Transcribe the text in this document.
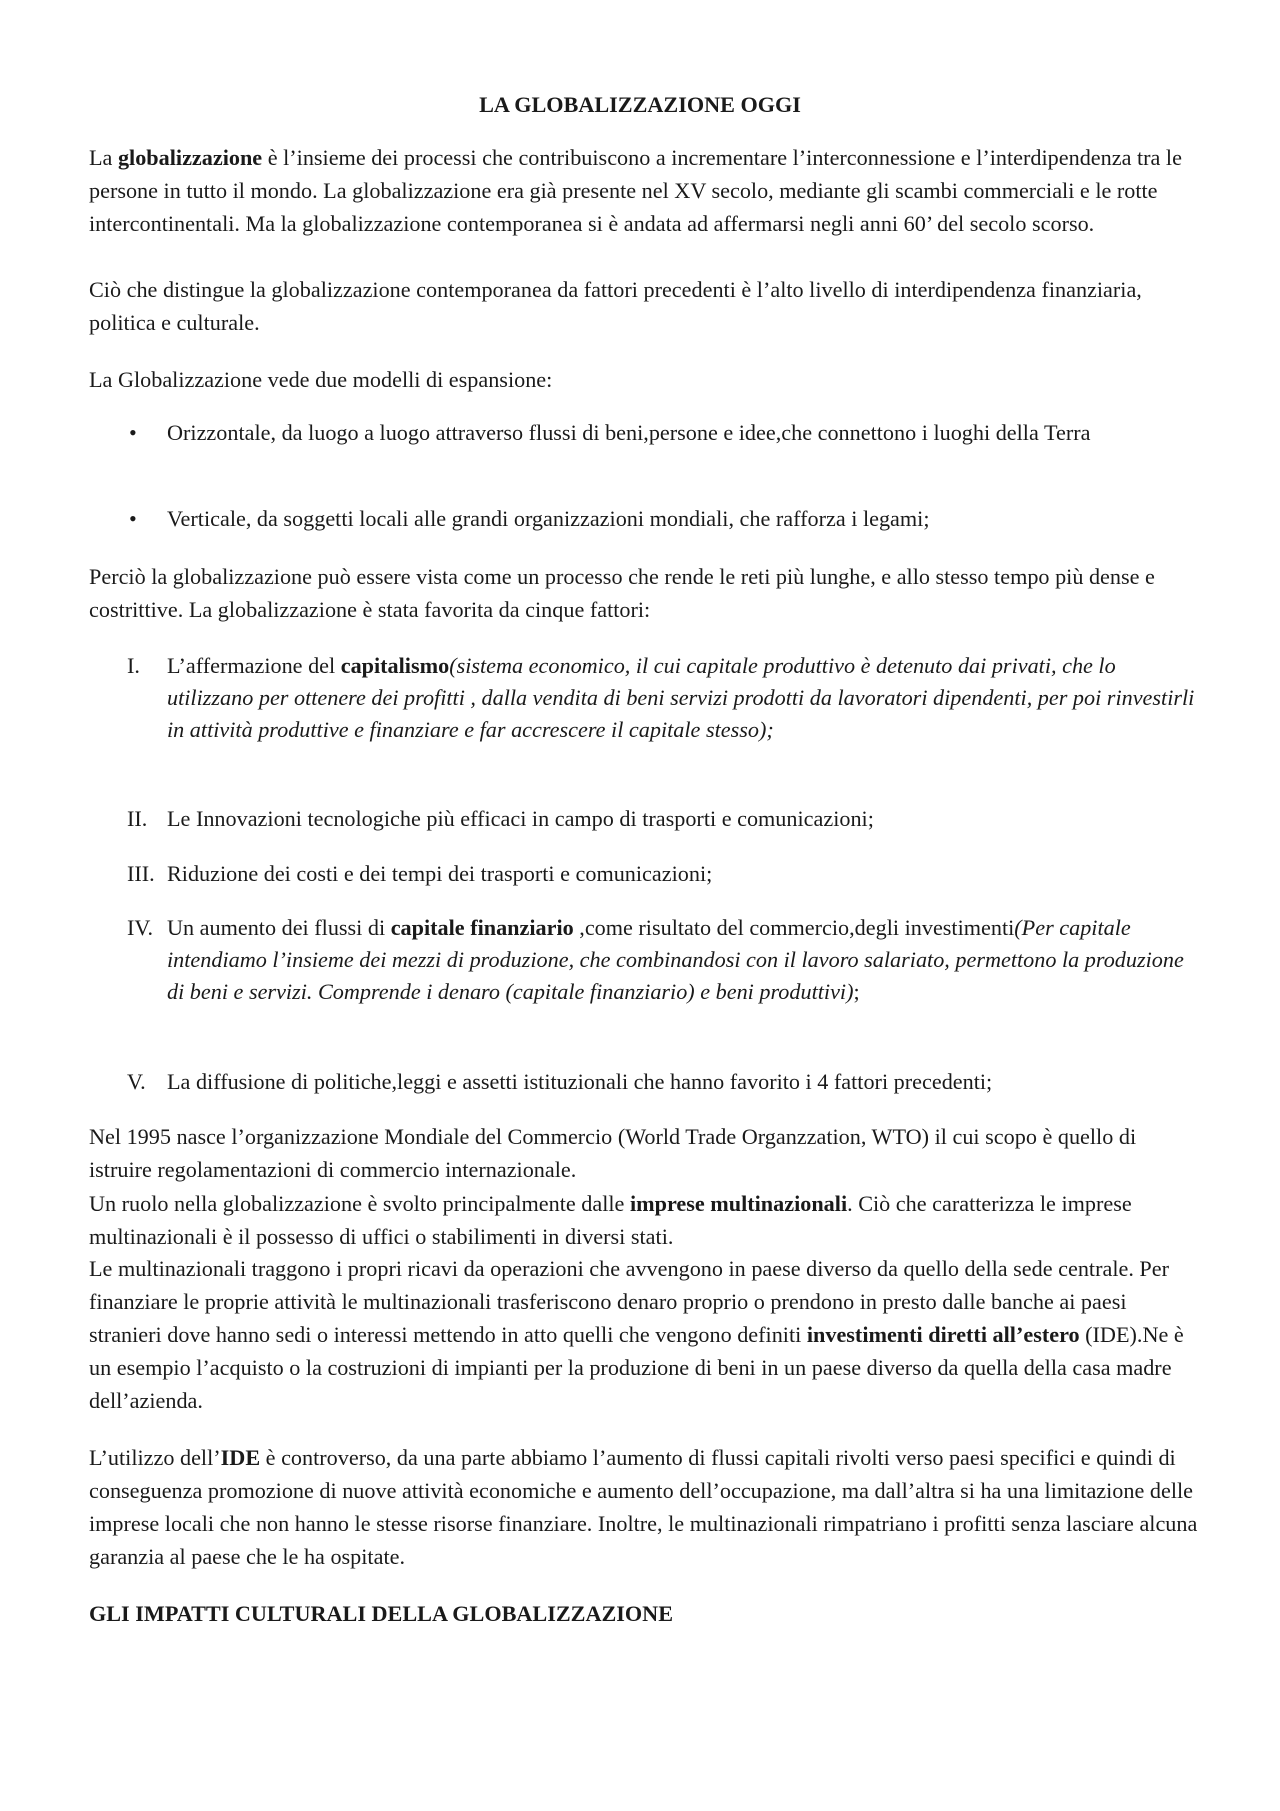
LA GLOBALIZZAZIONE OGGI

La globalizzazione è l’insieme dei processi che contribuiscono a incrementare l’interconnessione e l’interdipendenza tra le persone in tutto il mondo. La globalizzazione era già presente nel XV secolo, mediante gli scambi commerciali e le rotte intercontinentali. Ma la globalizzazione contemporanea si è andata ad affermarsi negli anni 60’ del secolo scorso.

Ciò che distingue la globalizzazione contemporanea da fattori precedenti è l’alto livello di interdipendenza finanziaria, politica e culturale.

La Globalizzazione vede due modelli di espansione:

• Orizzontale, da luogo a luogo attraverso flussi di beni,persone e idee,che connettono i luoghi della Terra
• Verticale, da soggetti locali alle grandi organizzazioni mondiali, che rafforza i legami;

Perciò la globalizzazione può essere vista come un processo che rende le reti più lunghe, e allo stesso tempo più dense e costrittive. La globalizzazione è stata favorita da cinque fattori:

I. L’affermazione del capitalismo(sistema economico, il cui capitale produttivo è detenuto dai privati, che lo utilizzano per ottenere dei profitti , dalla vendita di beni servizi prodotti da lavoratori dipendenti, per poi rinvestirli in attività produttive e finanziare e far accrescere il capitale stesso);
II. Le Innovazioni tecnologiche più efficaci in campo di trasporti e comunicazioni;
III. Riduzione dei costi e dei tempi dei trasporti e comunicazioni;
IV. Un aumento dei flussi di capitale finanziario ,come risultato del commercio,degli investimenti(Per capitale intendiamo l’insieme dei mezzi di produzione, che combinandosi con il lavoro salariato, permettono la produzione di beni e servizi. Comprende i denaro (capitale finanziario) e beni produttivi);
V. La diffusione di politiche,leggi e assetti istituzionali che hanno favorito i 4 fattori precedenti;

Nel 1995 nasce l’organizzazione Mondiale del Commercio (World Trade Organzzation, WTO) il cui scopo è quello di istruire regolamentazioni di commercio internazionale.

Un ruolo nella globalizzazione è svolto principalmente dalle imprese multinazionali. Ciò che caratterizza le imprese multinazionali è il possesso di uffici o stabilimenti in diversi stati.

Le multinazionali traggono i propri ricavi da operazioni che avvengono in paese diverso da quello della sede centrale. Per finanziare le proprie attività le multinazionali trasferiscono denaro proprio o prendono in presto dalle banche ai paesi stranieri dove hanno sedi o interessi mettendo in atto quelli che vengono definiti investimenti diretti all’estero (IDE).Ne è un esempio l’acquisto o la costruzioni di impianti per la produzione di beni in un paese diverso da quella della casa madre dell’azienda.

L’utilizzo dell’IDE è controverso, da una parte abbiamo l’aumento di flussi capitali rivolti verso paesi specifici e quindi di conseguenza promozione di nuove attività economiche e aumento dell’occupazione, ma dall’altra si ha una limitazione delle imprese locali che non hanno le stesse risorse finanziare. Inoltre, le multinazionali rimpatriano i profitti senza lasciare alcuna garanzia al paese che le ha ospitate.

GLI IMPATTI CULTURALI DELLA GLOBALIZZAZIONE
